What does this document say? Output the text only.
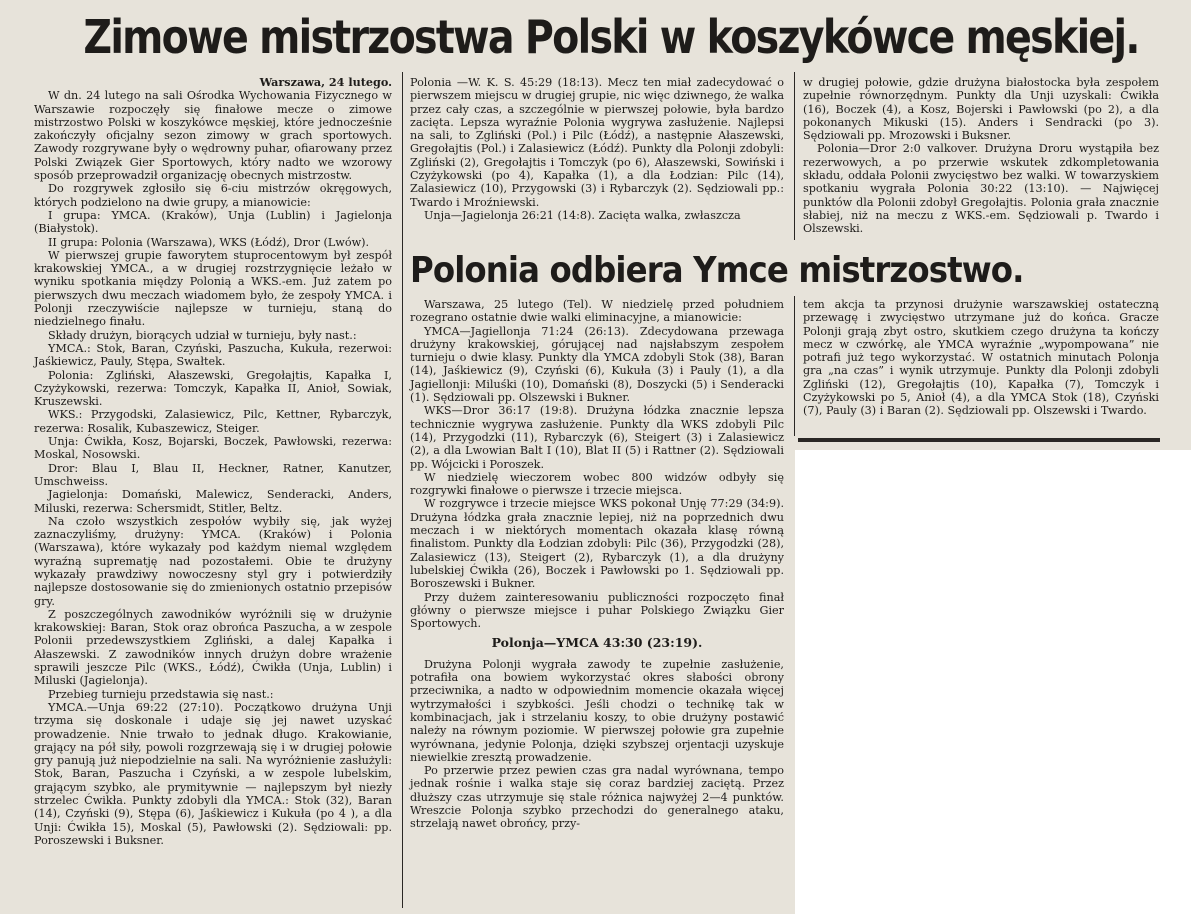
Zimowe mistrzostwa Polski w koszykówce męskiej.

Warszawa, 24 lutego.

W dn. 24 lutego na sali Ośrodka Wychowania Fizycznego w Warszawie rozpoczęły się finałowe mecze o zimowe mistrzostwo Polski w koszykówce męskiej, które jednocześnie zakończyły oficjalny sezon zimowy w grach sportowych. Zawody rozgrywane były o wędrowny puhar, ofiarowany przez Polski Związek Gier Sportowych, który nadto we wzorowy sposób przeprowadził organizację obecnych mistrzostw.

Do rozgrywek zgłosiło się 6-ciu mistrzów okręgowych, których podzielono na dwie grupy, a mianowicie:

I grupa: YMCA. (Kraków), Unja (Lublin) i Jagielonja (Białystok).

II grupa: Polonia (Warszawa), WKS (Łódź), Dror (Lwów).

W pierwszej grupie faworytem stuprocentowym był zespół krakowskiej YMCA., a w drugiej rozstrzygnięcie leżało w wyniku spotkania między Polonią a WKS.-em. Już zatem po pierwszych dwu meczach wiadomem było, że zespoły YMCA. i Polonji rzeczywiście najlepsze w turnieju, staną do niedzielnego finału.

Składy drużyn, biorących udział w turnieju, były nast.:

YMCA.: Stok, Baran, Czyński, Paszucha, Kukuła, rezerwoi: Jaśkiewicz, Pauly, Stępa, Swałtek.

Polonia: Zgliński, Ałaszewski, Gregołajtis, Kapałka I, Czyżykowski, rezerwa: Tomczyk, Kapałka II, Anioł, Sowiak, Kruszewski.

WKS.: Przygodski, Zalasiewicz, Pilc, Kettner, Rybarczyk, rezerwa: Rosalik, Kubaszewicz, Steiger.

Unja: Ćwikła, Kosz, Bojarski, Boczek, Pawłowski, rezerwa: Moskal, Nosowski.

Dror: Blau I, Blau II, Heckner, Ratner, Kanutzer, Umschweiss.

Jagielonja: Domański, Malewicz, Senderacki, Anders, Miluski, rezerwa: Schersmidt, Stitler, Beltz.

Na czoło wszystkich zespołów wybiły się, jak wyżej zaznaczyliśmy, drużyny: YMCA. (Kraków) i Polonia (Warszawa), które wykazały pod każdym niemal względem wyraźną suprematję nad pozostałemi. Obie te drużyny wykazały prawdziwy nowoczesny styl gry i potwierdziły najlepsze dostosowanie się do zmienionych ostatnio przepisów gry.

Z poszczególnych zawodników wyróżnili się w drużynie krakowskiej: Baran, Stok oraz obrońca Paszucha, a w zespole Polonii przedewszystkiem Zgliński, a dalej Kapałka i Ałaszewski. Z zawodników innych drużyn dobre wrażenie sprawili jeszcze Pilc (WKS., Łódź), Ćwikła (Unja, Lublin) i Miluski (Jagielonja).

Przebieg turnieju przedstawia się nast.:

YMCA.—Unja 69:22 (27:10). Początkowo drużyna Unji trzyma się doskonale i udaje się jej nawet uzyskać prowadzenie. Nnie trwało to jednak długo. Krakowianie, grający na pół siły, powoli rozgrzewają się i w drugiej połowie gry panują już niepodzielnie na sali. Na wyróżnienie zasłużyli: Stok, Baran, Paszucha i Czyński, a w zespole lubelskim, grającym szybko, ale prymitywnie — najlepszym był niezły strzelec Ćwikła. Punkty zdobyli dla YMCA.: Stok (32), Baran (14), Czyński (9), Stępa (6), Jaśkiewicz i Kukuła (po 4 ), a dla Unji: Ćwikła 15), Moskal (5), Pawłowski (2). Sędziowali: pp. Poroszewski i Buksner.

Polonia —W. K. S. 45:29 (18:13). Mecz ten miał zadecydować o pierwszem miejscu w drugiej grupie, nic więc dziwnego, że walka przez cały czas, a szczególnie w pierwszej połowie, była bardzo zacięta. Lepsza wyraźnie Polonia wygrywa zasłużenie. Najlepsi na sali, to Zgliński (Pol.) i Pilc (Łódź), a następnie Ałaszewski, Gregołajtis (Pol.) i Zalasiewicz (Łódź). Punkty dla Polonji zdobyli: Zgliński (2), Gregołajtis i Tomczyk (po 6), Ałaszewski, Sowiński i Czyżykowski (po 4), Kapałka (1), a dla Łodzian: Pilc (14), Zalasiewicz (10), Przygowski (3) i Rybarczyk (2). Sędziowali pp.: Twardo i Mroźniewski.

Unja—Jagielonja 26:21 (14:8). Zacięta walka, zwłaszcza

w drugiej połowie, gdzie drużyna białostocka była zespołem zupełnie równorzędnym. Punkty dla Unji uzyskali: Ćwikła (16), Boczek (4), a Kosz, Bojerski i Pawłowski (po 2), a dla pokonanych Mikuski (15). Anders i Sendracki (po 3). Sędziowali pp. Mrozowski i Buksner.

Polonia—Dror 2:0 valkover. Drużyna Droru wystąpiła bez rezerwowych, a po przerwie wskutek zdkompletowania składu, oddała Polonii zwycięstwo bez walki. W towarzyskiem spotkaniu wygrała Polonia 30:22 (13:10). — Najwięcej punktów dla Polonii zdobył Gregołajtis. Polonia grała znacznie słabiej, niż na meczu z WKS.-em. Sędziowali p. Twardo i Olszewski.

Polonia odbiera Ymce mistrzostwo.

Warszawa, 25 lutego (Tel). W niedzielę przed południem rozegrano ostatnie dwie walki eliminacyjne, a mianowicie:

YMCA—Jagiellonja 71:24 (26:13). Zdecydowana przewaga drużyny krakowskiej, górującej nad najsłabszym zespołem turnieju o dwie klasy. Punkty dla YMCA zdobyli Stok (38), Baran (14), Jaśkiewicz (9), Czyński (6), Kukuła (3) i Pauly (1), a dla Jagiellonji: Miluśki (10), Domański (8), Doszycki (5) i Senderacki (1). Sędziowali pp. Olszewski i Bukner.

WKS—Dror 36:17 (19:8). Drużyna łódzka znacznie lepsza technicznie wygrywa zasłużenie. Punkty dla WKS zdobyli Pilc (14), Przygodzki (11), Rybarczyk (6), Steigert (3) i Zalasiewicz (2), a dla Lwowian Balt I (10), Blat II (5) i Rattner (2). Sędziowali pp. Wójcicki i Poroszek.

W niedzielę wieczorem wobec 800 widzów odbyły się rozgrywki finałowe o pierwsze i trzecie miejsca.

W rozgrywce i trzecie miejsce WKS pokonał Unję 77:29 (34:9). Drużyna łódzka grała znacznie lepiej, niż na poprzednich dwu meczach i w niektórych momentach okazała klasę równą finalistom. Punkty dla Łodzian zdobyli: Pilc (36), Przygodzki (28), Zalasiewicz (13), Steigert (2), Rybarczyk (1), a dla drużyny lubelskiej Ćwikła (26), Boczek i Pawłowski po 1. Sędziowali pp. Boroszewski i Bukner.

Przy dużem zainteresowaniu publiczności rozpoczęto finał główny o pierwsze miejsce i puhar Polskiego Związku Gier Sportowych.

Polonja—YMCA 43:30 (23:19).

Drużyna Polonji wygrała zawody te zupełnie zasłużenie, potrafiła ona bowiem wykorzystać okres słabości obrony przeciwnika, a nadto w odpowiednim momencie okazała więcej wytrzymałości i szybkości. Jeśli chodzi o technikę tak w kombinacjach, jak i strzelaniu koszy, to obie drużyny postawić należy na równym poziomie. W pierwszej połowie gra zupełnie wyrównana, jedynie Polonja, dzięki szybszej orjentacji uzyskuje niewielkie zresztą prowadzenie.

Po przerwie przez pewien czas gra nadal wyrównana, tempo jednak rośnie i walka staje się coraz bardziej zaciętą. Przez dłuższy czas utrzymuje się stale różnica najwyżej 2—4 punktów. Wreszcie Polonja szybko przechodzi do generalnego ataku, strzelają nawet obrońcy, przy-

tem akcja ta przynosi drużynie warszawskiej ostateczną przewagę i zwycięstwo utrzymane już do końca. Gracze Polonji grają zbyt ostro, skutkiem czego drużyna ta kończy mecz w czwórkę, ale YMCA wyraźnie „wypompowana” nie potrafi już tego wykorzystać. W ostatnich minutach Polonja gra „na czas” i wynik utrzymuje. Punkty dla Polonji zdobyli Zgliński (12), Gregołajtis (10), Kapałka (7), Tomczyk i Czyżykowski po 5, Anioł (4), a dla YMCA Stok (18), Czyński (7), Pauly (3) i Baran (2). Sędziowali pp. Olszewski i Twardo.
